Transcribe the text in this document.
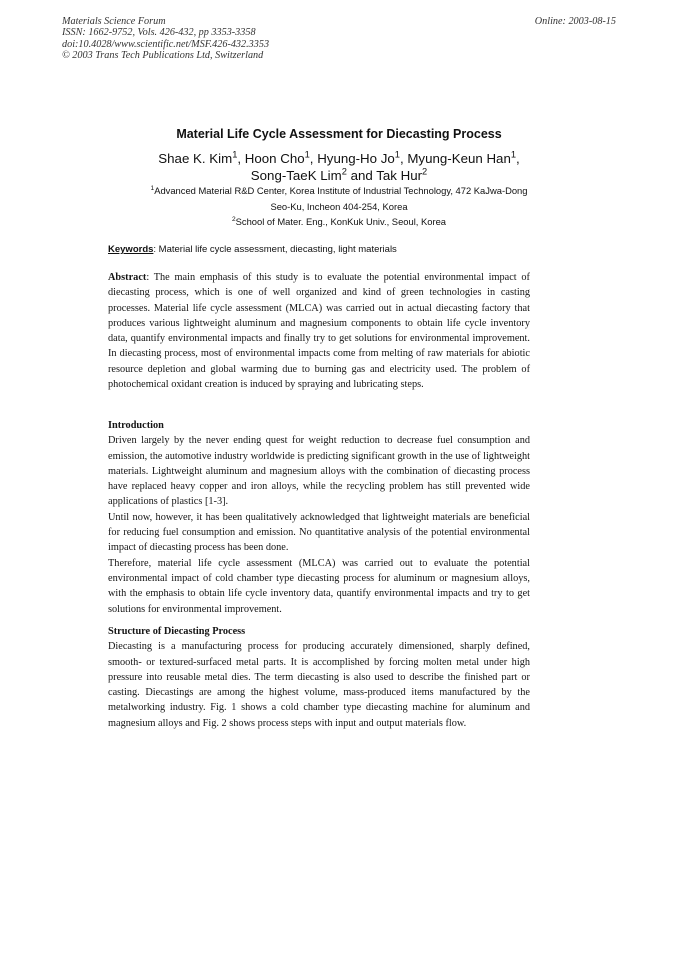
Materials Science Forum
ISSN: 1662-9752, Vols. 426-432, pp 3353-3358
doi:10.4028/www.scientific.net/MSF.426-432.3353
© 2003 Trans Tech Publications Ltd, Switzerland
Online: 2003-08-15
Material Life Cycle Assessment for Diecasting Process
Shae K. Kim$^1$, Hoon Cho$^1$, Hyung-Ho Jo$^1$, Myung-Keun Han$^1$,
Song-TaeK Lim$^2$ and Tak Hur$^2$
$^1$Advanced Material R&D Center, Korea Institute of Industrial Technology, 472 KaJwa-Dong
Seo-Ku, Incheon 404-254, Korea
$^2$School of Mater. Eng., KonKuk Univ., Seoul, Korea
Keywords: Material life cycle assessment, diecasting, light materials

Abstract: The main emphasis of this study is to evaluate the potential environmental impact of diecasting process, which is one of well organized and kind of green technologies in casting processes. Material life cycle assessment (MLCA) was carried out in actual diecasting factory that produces various lightweight aluminum and magnesium components to obtain life cycle inventory data, quantify environmental impacts and finally try to get solutions for environmental improvement. In diecasting process, most of environmental impacts come from melting of raw materials for abiotic resource depletion and global warming due to burning gas and electricity used. The problem of photochemical oxidant creation is induced by spraying and lubricating steps.

Introduction

Driven largely by the never ending quest for weight reduction to decrease fuel consumption and emission, the automotive industry worldwide is predicting significant growth in the use of lightweight materials. Lightweight aluminum and magnesium alloys with the combination of diecasting process have replaced heavy copper and iron alloys, while the recycling problem has still prevented wide applications of plastics [1-3].

Until now, however, it has been qualitatively acknowledged that lightweight materials are beneficial for reducing fuel consumption and emission. No quantitative analysis of the potential environmental impact of diecasting process has been done.

Therefore, material life cycle assessment (MLCA) was carried out to evaluate the potential environmental impact of cold chamber type diecasting process for aluminum or magnesium alloys, with the emphasis to obtain life cycle inventory data, quantify environmental impacts and try to get solutions for environmental improvement.

Structure of Diecasting Process

Diecasting is a manufacturing process for producing accurately dimensioned, sharply defined, smooth- or textured-surfaced metal parts. It is accomplished by forcing molten metal under high pressure into reusable metal dies. The term diecasting is also used to describe the finished part or casting. Diecastings are among the highest volume, mass-produced items manufactured by the metalworking industry. Fig. 1 shows a cold chamber type diecasting machine for aluminum and magnesium alloys and Fig. 2 shows process steps with input and output materials flow.
